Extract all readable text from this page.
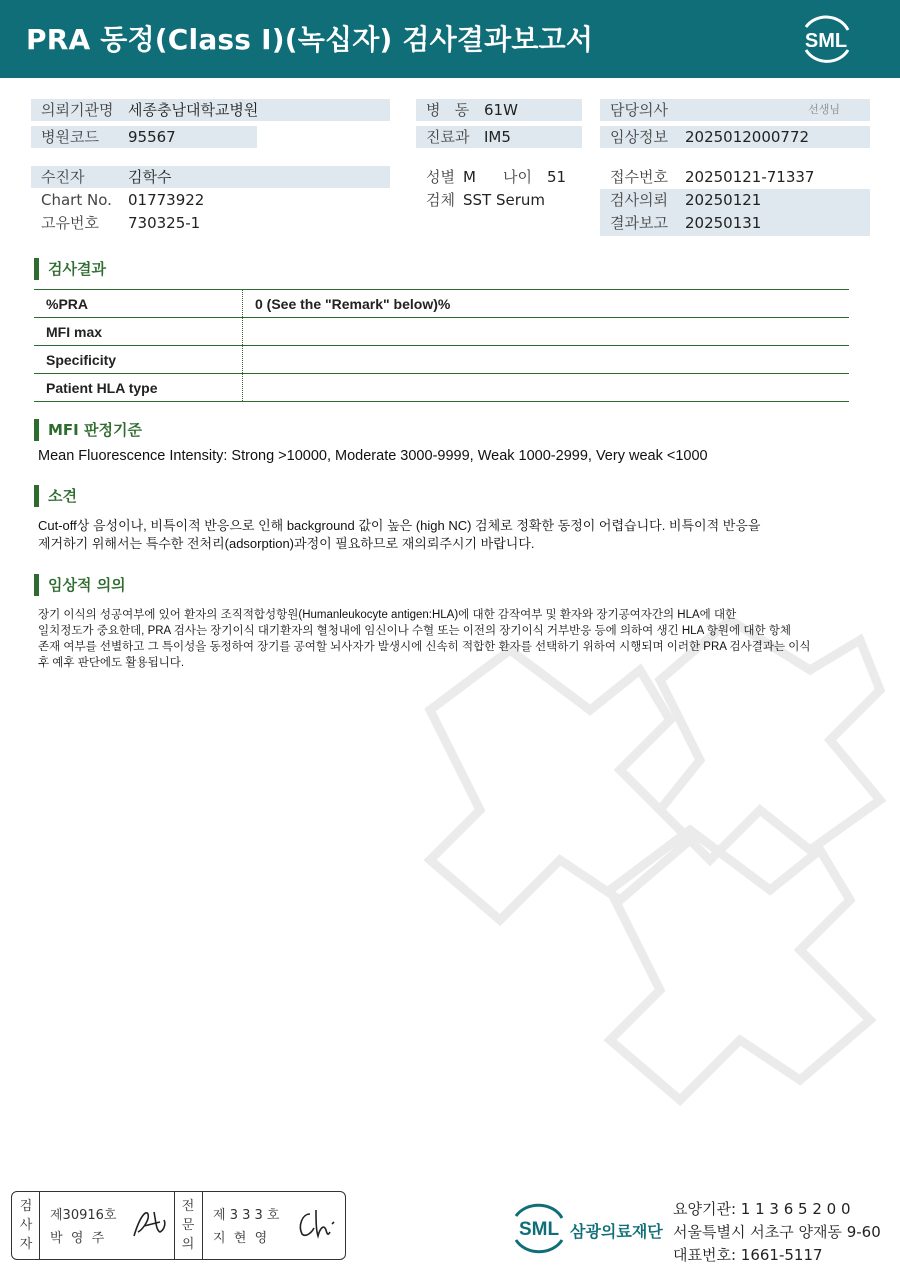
PRA 동정(Class I)(녹십자) 검사결과보고서	SML
의뢰기관명 세종충남대학교병원
병원코드 95567
수진자	김학수
Chart No. 01773922
고유번호 730325-1
병   동 61W
진료과 IM5
성별 M 나이 51
검체 SST Serum
담당의사	선생님
임상정보 2025012000772
접수번호 20250121-71337
검사의뢰 20250121
결과보고 20250131
검사결과
%PRA	0 (See the "Remark" below)%
MFI max	
Specificity	
Patient HLA type	
MFI 판정기준
Mean Fluorescence Intensity: Strong >10000, Moderate 3000-9999, Weak 1000-2999, Very weak <1000
소견
Cut-off상 음성이나, 비특이적 반응으로 인해 background 값이 높은 (high NC) 검체로 정확한 동정이 어렵습니다. 비특이적 반응을
제거하기 위해서는 특수한 전처리(adsorption)과정이 필요하므로 재의뢰주시기 바랍니다.
임상적 의의
장기 이식의 성공여부에 있어 환자의 조직적합성항원(Humanleukocyte antigen:HLA)에 대한 감작여부 및 환자와 장기공여자간의 HLA에 대한
일치정도가 중요한데, PRA 검사는 장기이식 대기환자의 혈청내에 임신이나 수혈 또는 이전의 장기이식 거부반응 등에 의하여 생긴 HLA 항원에 대한 항체
존재 여부를 선별하고 그 특이성을 동정하여 장기를 공여할 뇌사자가 발생시에 신속히 적합한 환자를 선택하기 위하여 시행되며 이러한 PRA 검사결과는 이식
후 예후 판단에도 활용됩니다.
검
사
자
제30916호
박  영  주
전
문
의
제 3 3 3 호
지  현  영	SML 삼광의료재단
요양기관: 1 1 3 6 5 2 0 0
서울특별시 서초구 양재동 9-60
대표번호: 1661-5117
